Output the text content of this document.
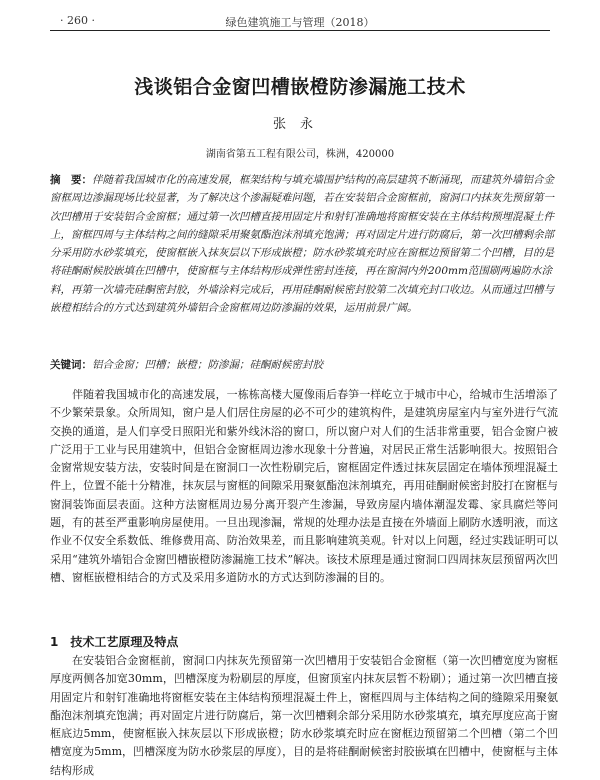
· 260 ·	绿色建筑施工与管理（2018）
浅谈铝合金窗凹槽嵌橙防渗漏施工技术
张永
湖南省第五工程有限公司，株洲，420000
摘　要：伴随着我国城市化的高速发展，框架结构与填充墙围护结构的高层建筑不断涌现，而建筑外墙铝合金窗框周边渗漏现场比较显著，为了解决这个渗漏疑难问题，若在安装铝合金窗框前，窗洞口内抹灰先预留第一次凹槽用于安装铝合金窗框；通过第一次凹槽直接用固定片和射钉准确地将窗框安装在主体结构预埋混凝土件上，窗框四周与主体结构之间的缝隙采用聚氨酯泡沫剂填充饱满；再对固定片进行防腐后，第一次凹槽剩余部分采用防水砂浆填充，使窗框嵌入抹灰层以下形成嵌橙；防水砂浆填充时应在窗框边预留第二个凹槽，目的是将硅酮耐候胶嵌填在凹槽中，使窗框与主体结构形成弹性密封连接，再在窗洞内外200mm范围刷两遍防水涂料，再第一次墙壳硅酮密封胶，外墙涂料完成后，再用硅酮耐候密封胶第二次填充封口收边。从而通过凹槽与嵌橙相结合的方式达到建筑外墙铝合金窗框周边防渗漏的效果，运用前景广阔。
关键词：铝合金窗；凹槽；嵌橙；防渗漏；硅酮耐候密封胶

伴随着我国城市化的高速发展，一栋栋高楼大厦像雨后春笋一样屹立于城市中心，给城市生活增添了不少繁荣景象。众所周知，窗户是人们居住房屋的必不可少的建筑构件，是建筑房屋室内与室外进行气流交换的通道，是人们享受日照阳光和紫外线沐浴的窗口，所以窗户对人们的生活非常重要，铝合金窗户被广泛用于工业与民用建筑中，但铝合金窗框周边渗水现象十分普遍，对居民正常生活影响很大。按照铝合金窗常规安装方法，安装时间是在窗洞口一次性粉刷完后，窗框固定件透过抹灰层固定在墙体预埋混凝土件上，位置不能十分精准，抹灰层与窗框的间隙采用聚氨酯泡沫剂填充，再用硅酮耐候密封胶打在窗框与窗洞装饰面层表面。这种方法窗框周边易分离开裂产生渗漏，导致房屋内墙体潮湿发霉、家具腐烂等问题，有的甚至严重影响房屋使用。一旦出现渗漏，常规的处理办法是直接在外墙面上刷防水透明液，而这作业不仅安全系数低、维修费用高、防治效果差，而且影响建筑美观。针对以上问题，经过实践证明可以采用“建筑外墙铝合金窗凹槽嵌橙防渗漏施工技术”解决。该技术原理是通过窗洞口四周抹灰层预留两次凹槽、窗框嵌橙相结合的方式及采用多道防水的方式达到防渗漏的目的。

1　技术工艺原理及特点

在安装铝合金窗框前，窗洞口内抹灰先预留第一次凹槽用于安装铝合金窗框（第一次凹槽宽度为窗框厚度两侧各加宽30mm，凹槽深度为粉刷层的厚度，但窗顶室内抹灰层暂不粉刷）；通过第一次凹槽直接用固定片和射钉准确地将窗框安装在主体结构预埋混凝土件上，窗框四周与主体结构之间的缝隙采用聚氨酯泡沫剂填充饱满；再对固定片进行防腐后，第一次凹槽剩余部分采用防水砂浆填充，填充厚度应高于窗框底边5mm，使窗框嵌入抹灰层以下形成嵌橙；防水砂浆填充时应在窗框边预留第二个凹槽（第二个凹槽宽度为5mm，凹槽深度为防水砂浆层的厚度），目的是将硅酮耐候密封胶嵌填在凹槽中，使窗框与主体结构形成
